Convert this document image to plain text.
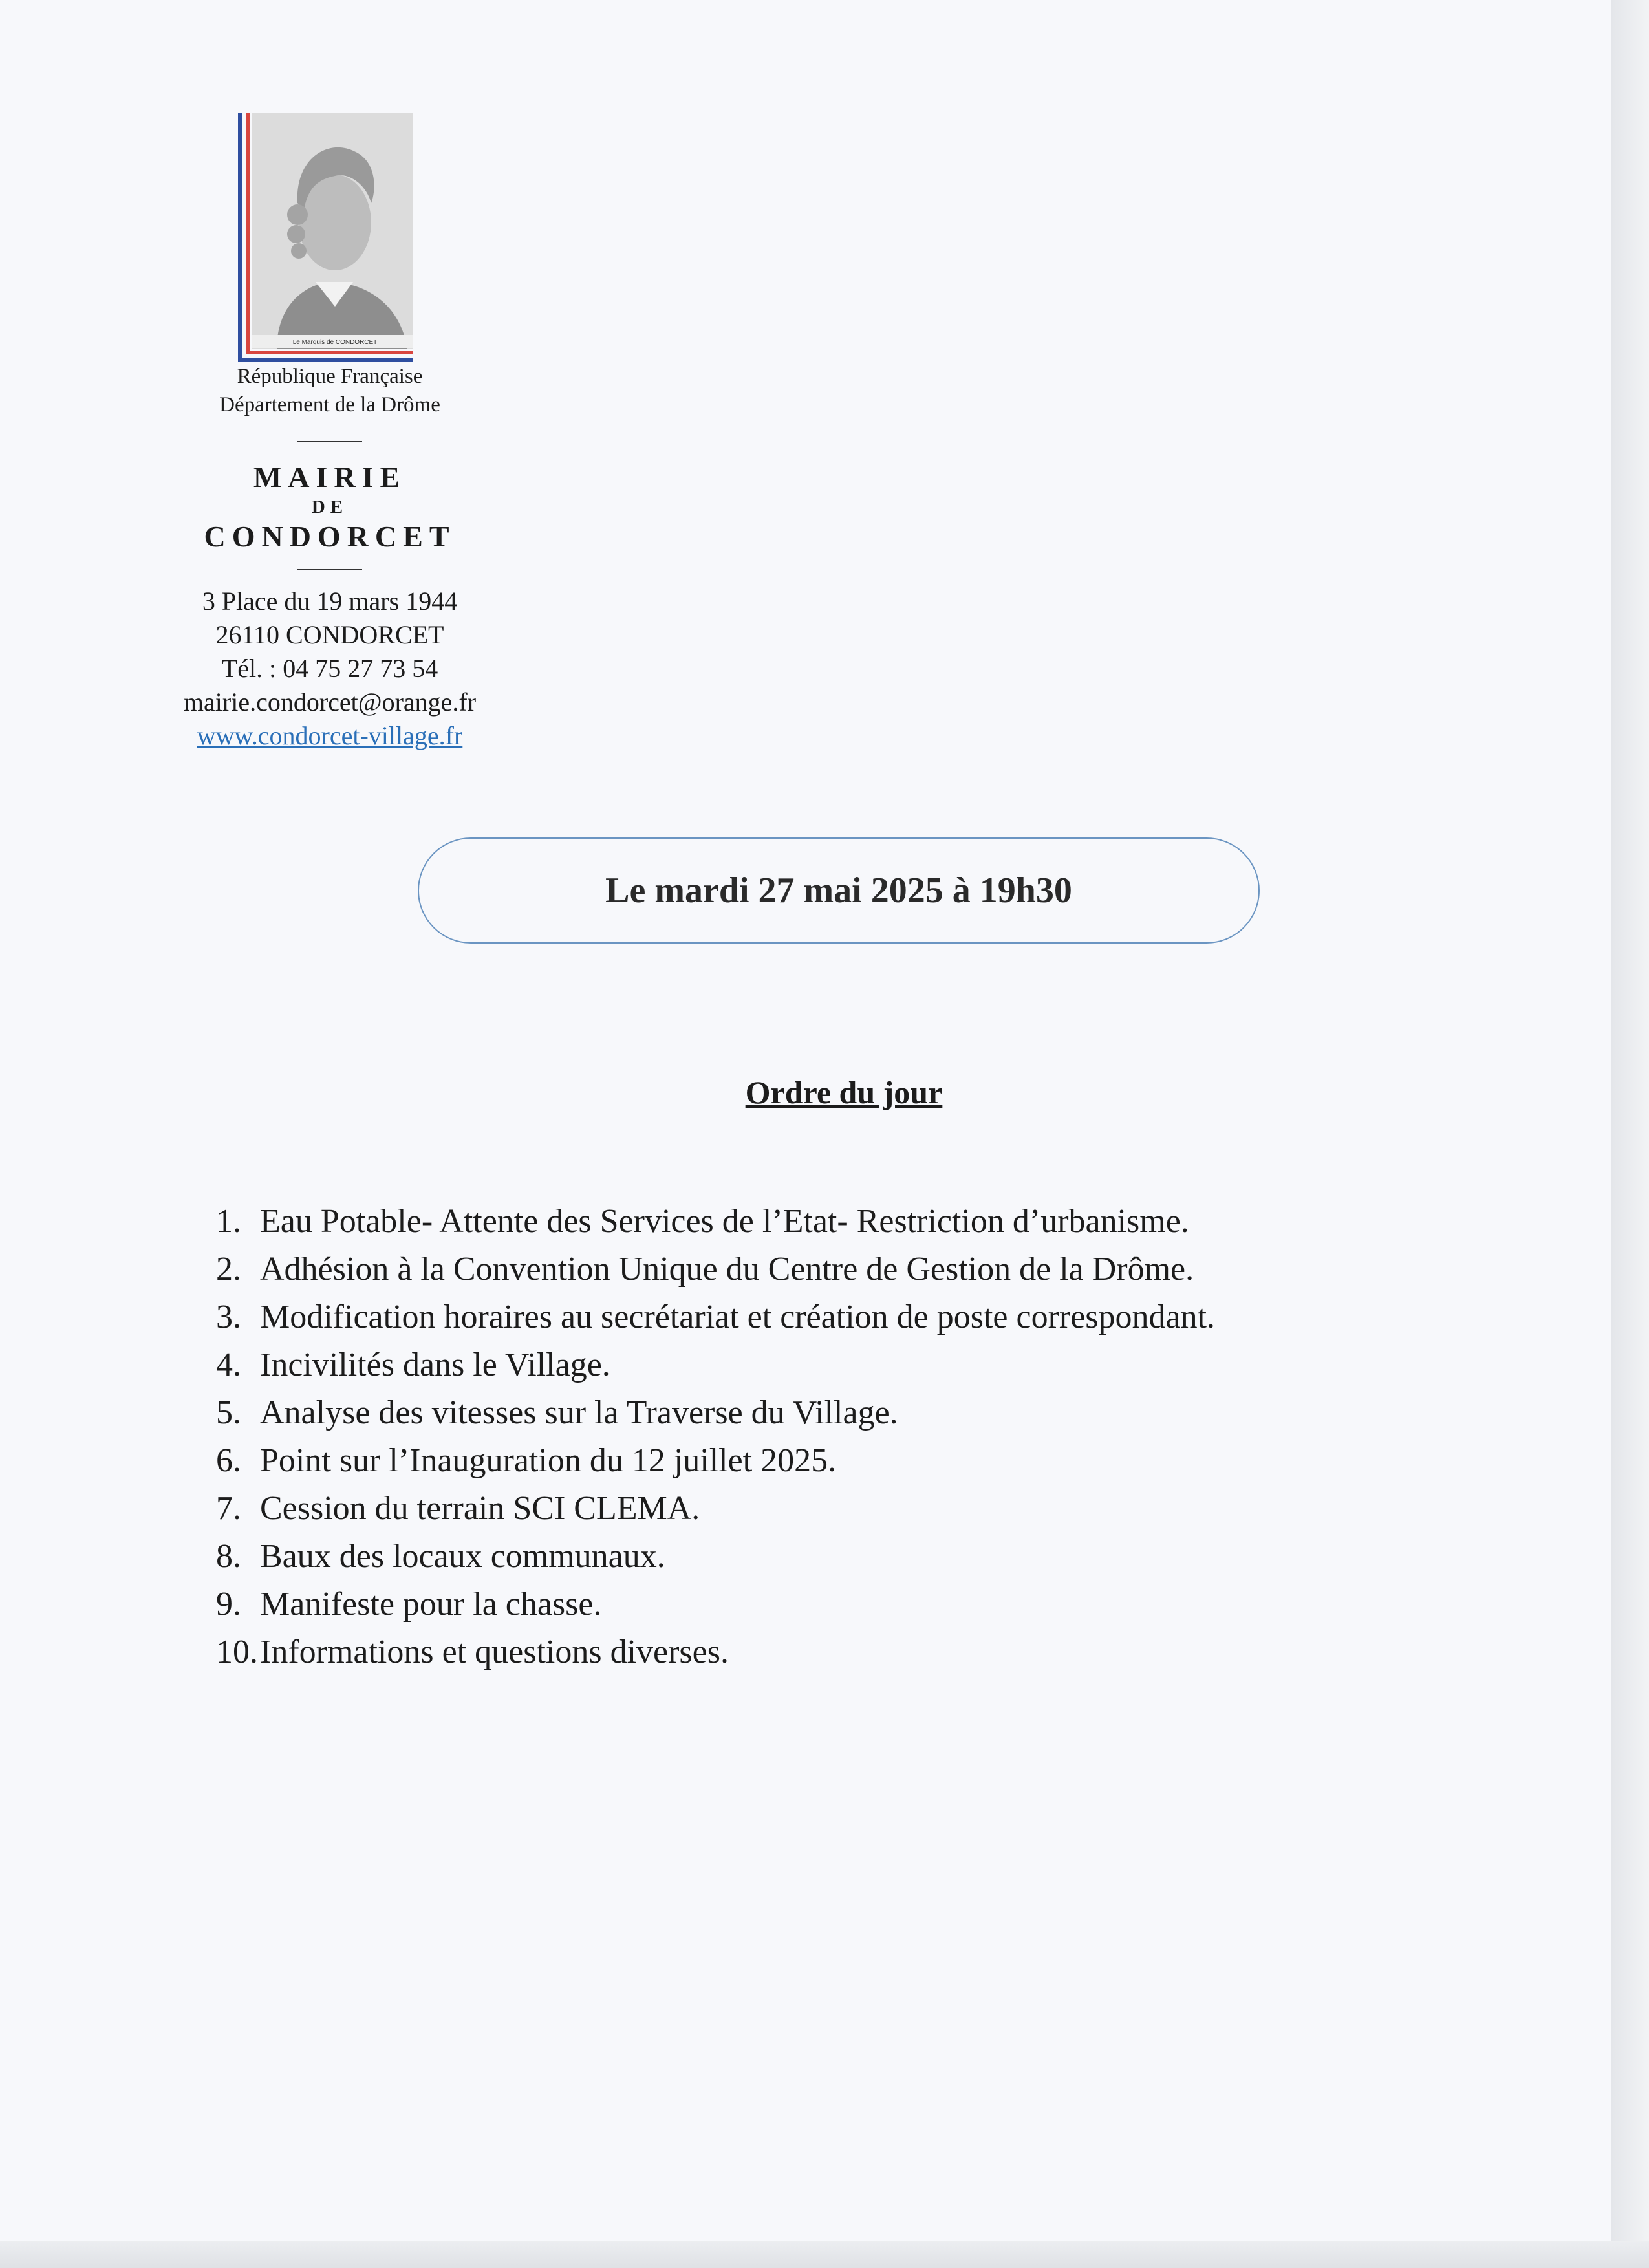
Le Marquis de CONDORCET
République Française
Département de la Drôme
MAIRIE
DE
CONDORCET
3 Place du 19 mars 1944
26110 CONDORCET
Tél. : 04 75 27 73 54
mairie.condorcet@orange.fr
www.condorcet-village.fr
Le mardi 27 mai 2025 à 19h30
Ordre du jour
1. Eau Potable- Attente des Services de l’Etat- Restriction d’urbanisme.
2. Adhésion à la Convention Unique du Centre de Gestion de la Drôme.
3. Modification horaires au secrétariat et création de poste correspondant.
4. Incivilités dans le Village.
5. Analyse des vitesses sur la Traverse du Village.
6. Point sur l’Inauguration du 12 juillet 2025.
7. Cession du terrain SCI CLEMA.
8. Baux des locaux communaux.
9. Manifeste pour la chasse.
10.Informations et questions diverses.
